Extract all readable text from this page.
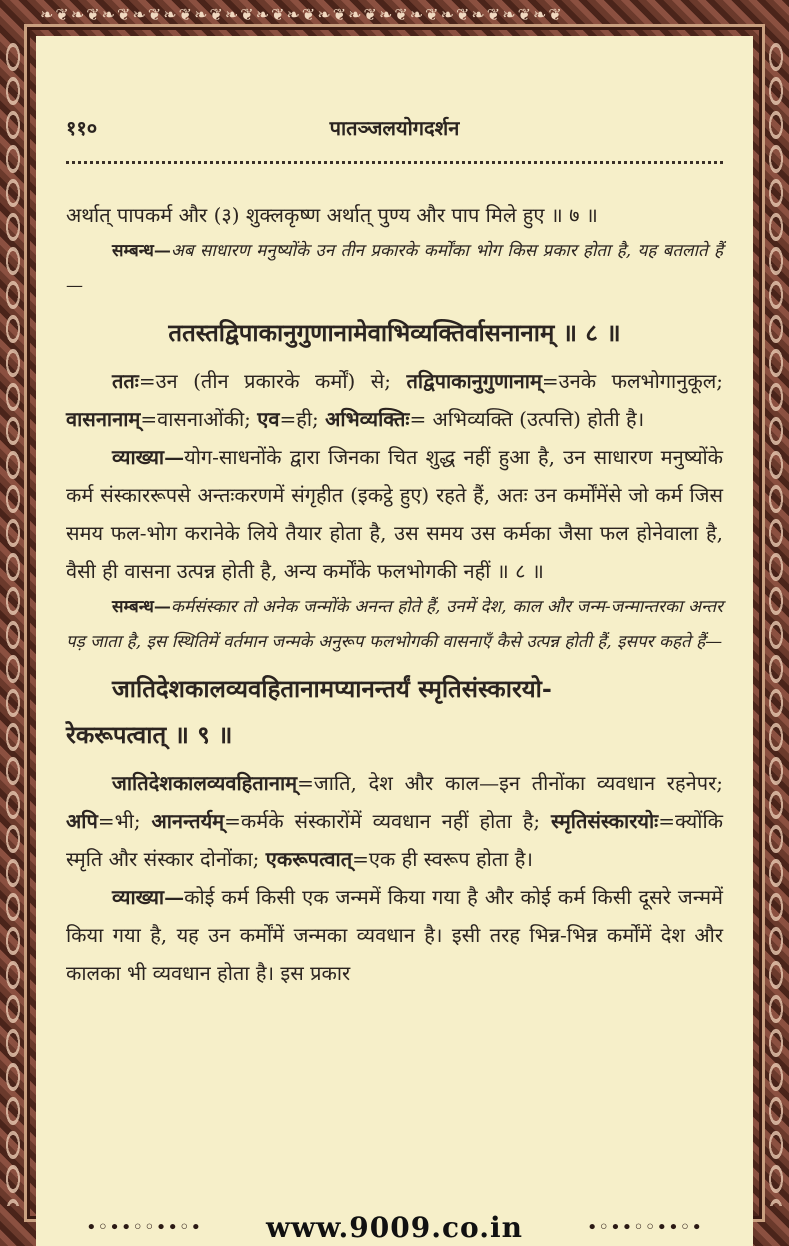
❧❦❧❦❧❦❧❦❧❦❧❦❧❦❧❦❧❦❧❦❧❦❧❦❧❦❧❦❧❦❧❦❧❦
११०	पातञ्जलयोगदर्शन

अर्थात् पापकर्म और (३) शुक्लकृष्ण अर्थात् पुण्य और पाप मिले हुए ॥ ७ ॥

सम्बन्ध—अब साधारण मनुष्योंके उन तीन प्रकारके कर्मोंका भोग किस प्रकार होता है, यह बतलाते हैं—

ततस्तद्विपाकानुगुणानामेवाभिव्यक्तिर्वासनानाम् ॥ ८ ॥

ततः=उन (तीन प्रकारके कर्मों) से; तद्विपाकानुगुणानाम्=उनके फलभोगानुकूल; वासनानाम्=वासनाओंकी; एव=ही; अभिव्यक्तिः= अभिव्यक्ति (उत्पत्ति) होती है।

व्याख्या—योग-साधनोंके द्वारा जिनका चित शुद्ध नहीं हुआ है, उन साधारण मनुष्योंके कर्म संस्काररूपसे अन्तःकरणमें संगृहीत (इकट्ठे हुए) रहते हैं, अतः उन कर्मोंमेंसे जो कर्म जिस समय फल-भोग करानेके लिये तैयार होता है, उस समय उस कर्मका जैसा फल होनेवाला है, वैसी ही वासना उत्पन्न होती है, अन्य कर्मोंके फलभोगकी नहीं ॥ ८ ॥

सम्बन्ध—कर्मसंस्कार तो अनेक जन्मोंके अनन्त होते हैं, उनमें देश, काल और जन्म-जन्मान्तरका अन्तर पड़ जाता है, इस स्थितिमें वर्तमान जन्मके अनुरूप फलभोगकी वासनाएँ कैसे उत्पन्न होती हैं, इसपर कहते हैं—

जातिदेशकालव्यवहितानामप्यानन्तर्यं स्मृतिसंस्कारयो-
रेकरूपत्वात् ॥ ९ ॥

जातिदेशकालव्यवहितानाम्=जाति, देश और काल—इन तीनोंका व्यवधान रहनेपर; अपि=भी; आनन्तर्यम्=कर्मके संस्कारोंमें व्यवधान नहीं होता है; स्मृतिसंस्कारयोः=क्योंकि स्मृति और संस्कार दोनोंका; एकरूपत्वात्=एक ही स्वरूप होता है।

व्याख्या—कोई कर्म किसी एक जन्ममें किया गया है और कोई कर्म किसी दूसरे जन्ममें किया गया है, यह उन कर्मोंमें जन्मका व्यवधान है। इसी तरह भिन्न-भिन्न कर्मोंमें देश और कालका भी व्यवधान होता है। इस प्रकार

•◦••◦◦••◦•	•◦••◦◦••◦•
www.9009.co.in
